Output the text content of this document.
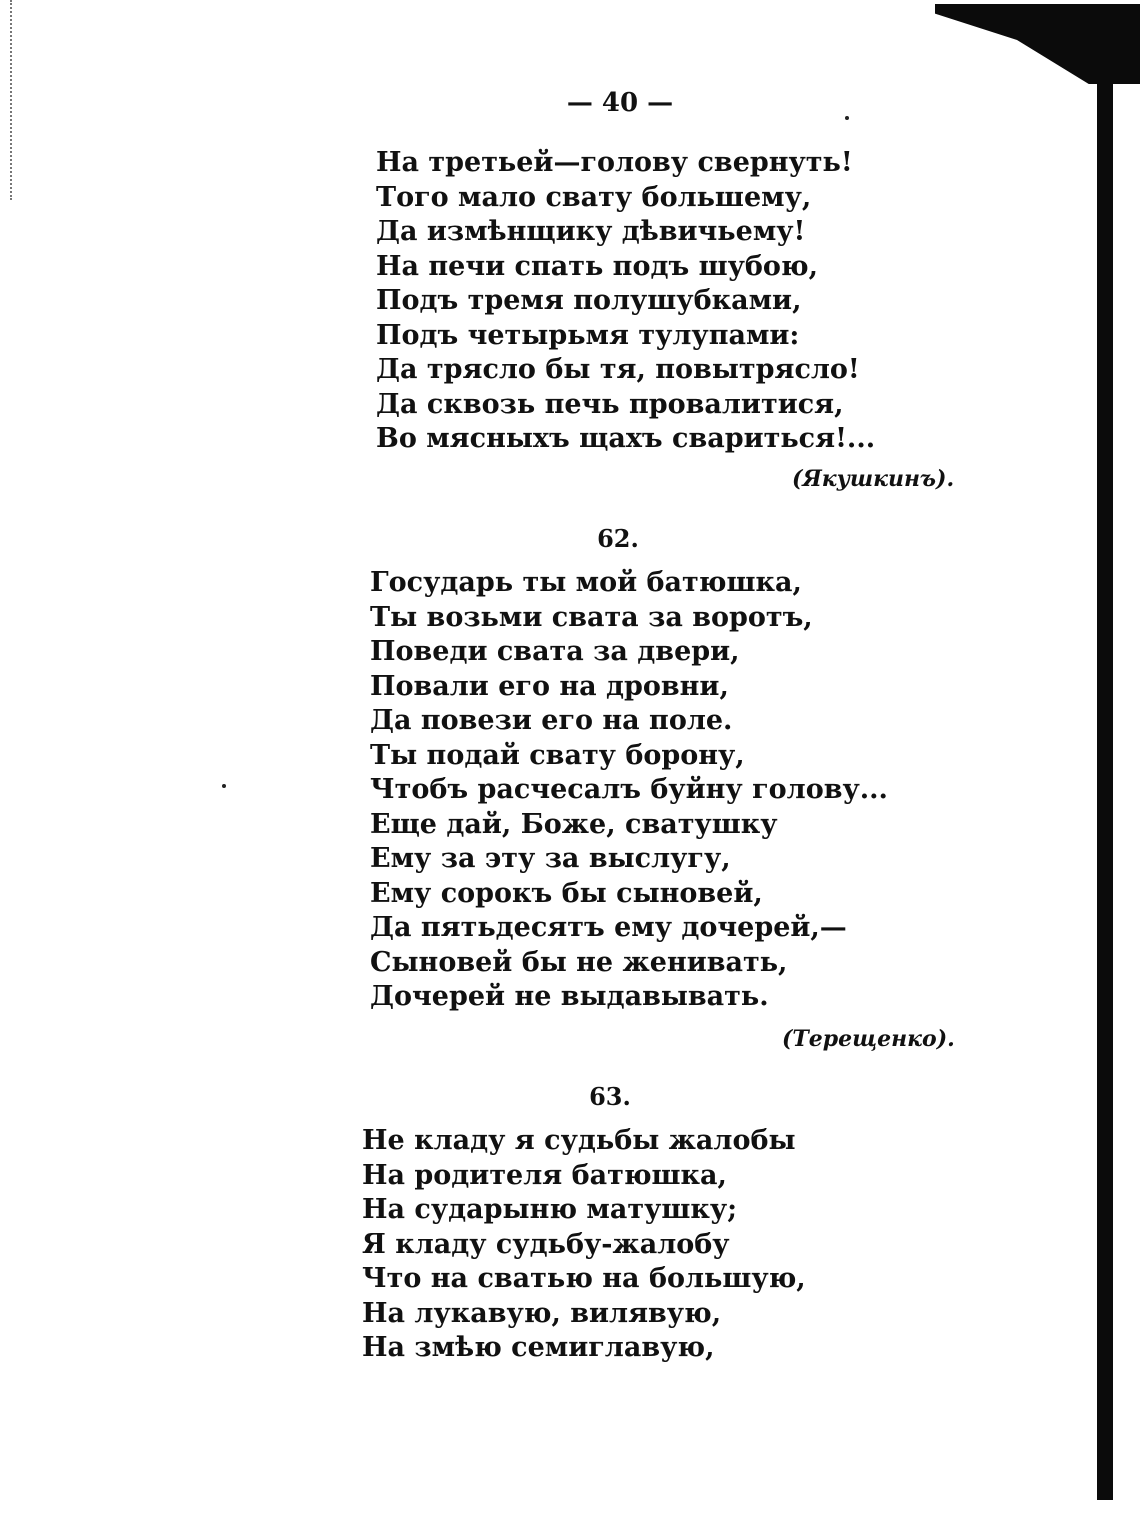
— 40 —
На третьей—голову свернуть!
Того мало свату большему,
Да измѣнщику дѣвичьему!
На печи спать подъ шубою,
Подъ тремя полушубками,
Подъ четырьмя тулупами:
Да трясло бы тя, повытрясло!
Да сквозь печь провалитися,
Во мясныхъ щахъ свариться!...
(Якушкинъ).
62.
Государь ты мой батюшка,
Ты возьми свата за воротъ,
Поведи свата за двери,
Повали его на дровни,
Да повези его на поле.
Ты подай свату борону,
Чтобъ расчесалъ буйну голову...
Еще дай, Боже, сватушку
Ему за эту за выслугу,
Ему сорокъ бы сыновей,
Да пятьдесятъ ему дочерей,—
Сыновей бы не женивать,
Дочерей не выдавывать.
(Терещенко).
63.
Не кладу я судьбы жалобы
На родителя батюшка,
На сударыню матушку;
Я кладу судьбу-жалобу
Что на сватью на большую,
На лукавую, вилявую,
На змѣю семиглавую,
